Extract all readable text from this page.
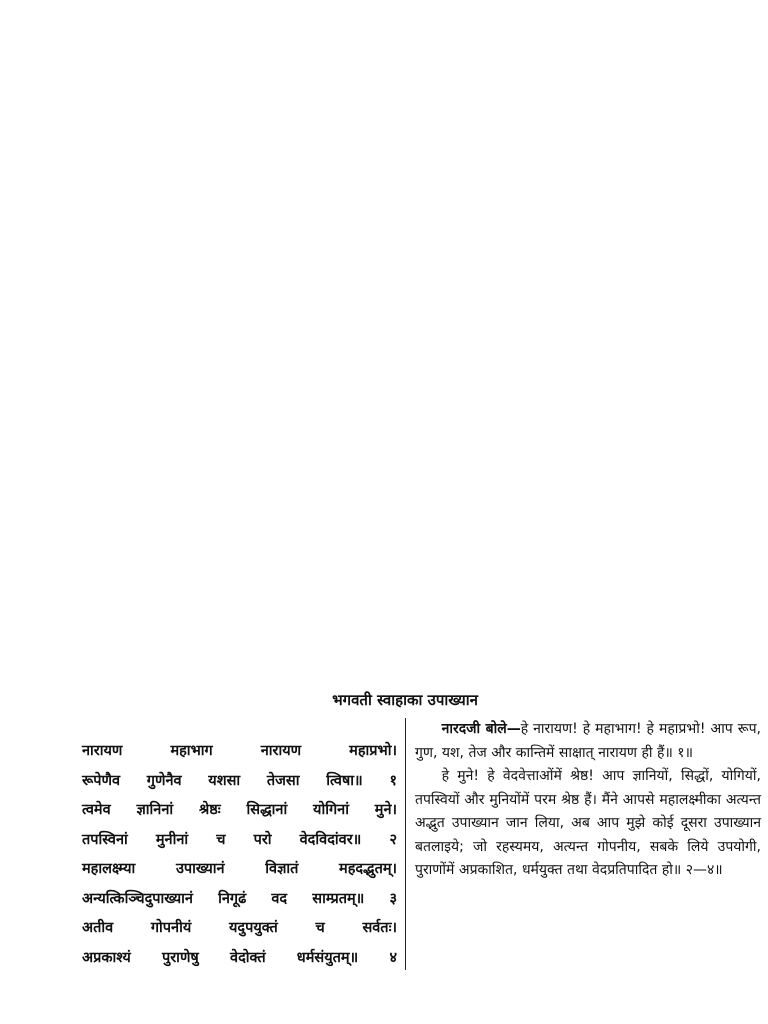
भगवती स्वाहाका उपाख्यान
नारायण महाभाग नारायण महाप्रभो।
रूपेणैव गुणेनैव यशसा तेजसा त्विषा॥ १
त्वमेव ज्ञानिनां श्रेष्ठः सिद्धानां योगिनां मुने।
तपस्विनां मुनीनां च परो वेदविदांवर॥ २
महालक्ष्म्या उपाख्यानं विज्ञातं महदद्भुतम्।
अन्यत्किञ्चिदुपाख्यानं निगूढं वद साम्प्रतम्॥ ३
अतीव गोपनीयं यदुपयुक्तं च सर्वतः।
अप्रकाश्यं पुराणेषु वेदोक्तं धर्मसंयुतम्॥ ४

नारदजी बोले—हे नारायण! हे महाभाग! हे महाप्रभो! आप रूप, गुण, यश, तेज और कान्तिमें साक्षात् नारायण ही हैं॥ १॥

हे मुने! हे वेदवेत्ताओंमें श्रेष्ठ! आप ज्ञानियों, सिद्धों, योगियों, तपस्वियों और मुनियोंमें परम श्रेष्ठ हैं। मैंने आपसे महालक्ष्मीका अत्यन्त अद्भुत उपाख्यान जान लिया, अब आप मुझे कोई दूसरा उपाख्यान बतलाइये; जो रहस्यमय, अत्यन्त गोपनीय, सबके लिये उपयोगी, पुराणोंमें अप्रकाशित, धर्मयुक्त तथा वेदप्रतिपादित हो॥ २—४॥
